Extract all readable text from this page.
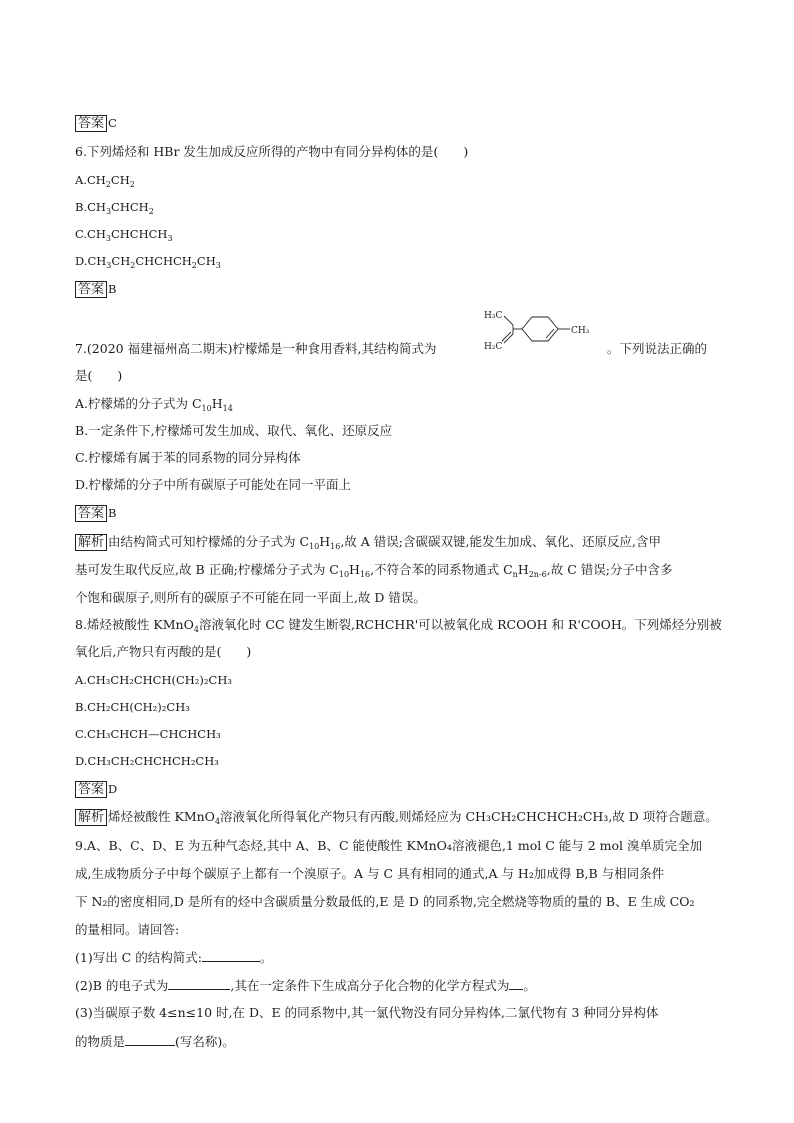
答案 C
6.下列烯烃和 HBr 发生加成反应所得的产物中有同分异构体的是(　　)
$A.CH_2CH_2$
$B.CH_3CHCH_2$
$C.CH_3CHCHCH_3$
$D.CH_3CH_2CHCHCH_2CH_3$
答案 B
7.(2020 福建福州高二期末)柠檬烯是一种食用香料,其结构简式为	。下列说法正确的
H₃C
H₂C
CH₃
是(　　)
A.柠檬烯的分子式为 $C_{10}H_{14}$
B.一定条件下,柠檬烯可发生加成、取代、氧化、还原反应
C.柠檬烯有属于苯的同系物的同分异构体
D.柠檬烯的分子中所有碳原子可能处在同一平面上
答案 B
解析 由结构简式可知柠檬烯的分子式为 $C_{10}H_{16}$,故 A 错误;含碳碳双键,能发生加成、氧化、还原反应,含甲
基可发生取代反应,故 B 正确;柠檬烯分子式为 $C_{10}H_{16}$,不符合苯的同系物通式 $C_nH_{2n-6}$,故 C 错误;分子中含多
个饱和碳原子,则所有的碳原子不可能在同一平面上,故 D 错误。
8.烯烃被酸性 KMnO$_4$溶液氧化时 CC 键发生断裂,RCHCHR'可以被氧化成 RCOOH 和 R'COOH。下列烯烃分别被
氧化后,产物只有丙酸的是(　　)
A.CH₃CH₂CHCH(CH₂)₂CH₃
B.CH₂CH(CH₂)₂CH₃
C.CH₃CHCH—CHCHCH₃
D.CH₃CH₂CHCHCH₂CH₃
答案 D
解析 烯烃被酸性 KMnO$_4$溶液氧化所得氧化产物只有丙酸,则烯烃应为 CH₃CH₂CHCHCH₂CH₃,故 D 项符合题意。
9.A、B、C、D、E 为五种气态烃,其中 A、B、C 能使酸性 KMnO₄溶液褪色,1 mol C 能与 2 mol 溴单质完全加
成,生成物质分子中每个碳原子上都有一个溴原子。A 与 C 具有相同的通式,A 与 H₂加成得 B,B 与相同条件
下 N₂的密度相同,D 是所有的烃中含碳质量分数最低的,E 是 D 的同系物,完全燃烧等物质的量的 B、E 生成 CO₂
的量相同。请回答:
(1)写出 C 的结构简式:	。
(2)B 的电子式为	,其在一定条件下生成高分子化合物的化学方程式为 。
(3)当碳原子数 4≤n≤10 时,在 D、E 的同系物中,其一氯代物没有同分异构体,二氯代物有 3 种同分异构体
的物质是	(写名称)。
